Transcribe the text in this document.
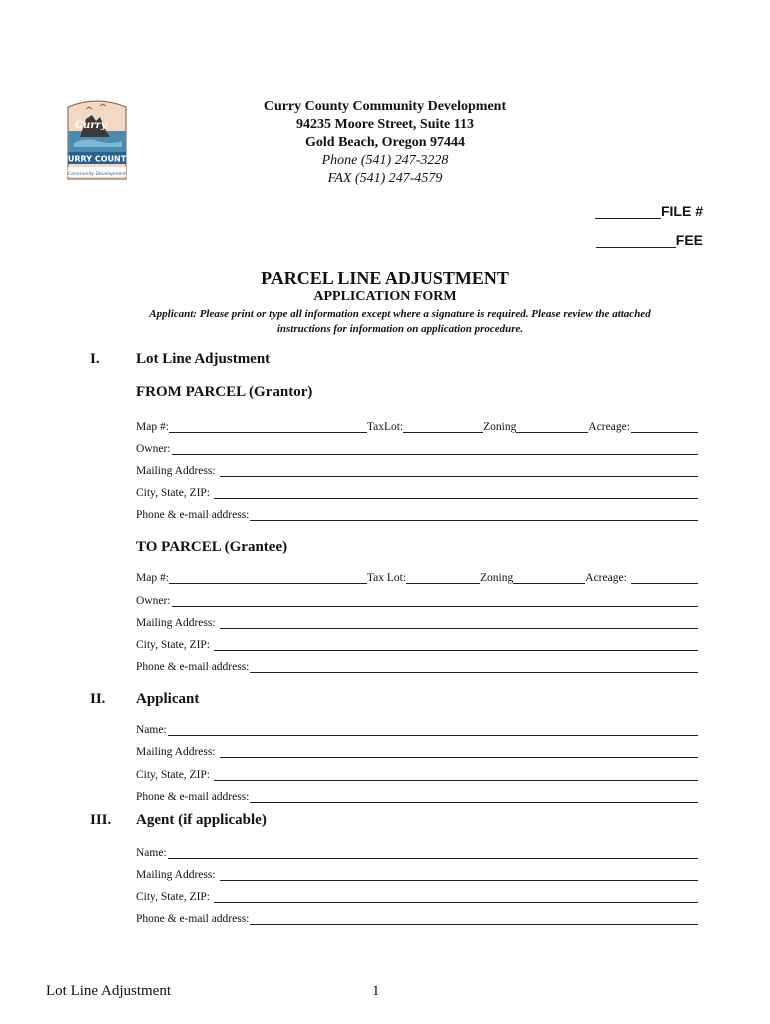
Curry
CURRY COUNTY
Community Development
Curry County Community Development
94235 Moore Street, Suite 113
Gold Beach, Oregon 97444
Phone (541) 247-3228
FAX (541) 247-4579
FILE #
FEE
PARCEL LINE ADJUSTMENT
APPLICATION FORM
Applicant: Please print or type all information except where a signature is required. Please review the attached
instructions for information on application procedure.
I. Lot Line Adjustment
FROM PARCEL (Grantor)
Map #:	TaxLot:	Zoning	Acreage:
Owner:
Mailing Address:
City, State, ZIP:
Phone & e-mail address:
TO PARCEL (Grantee)
Map #:	Tax Lot:	Zoning	Acreage:
Owner:
Mailing Address:
City, State, ZIP:
Phone & e-mail address:
II. Applicant
Name:
Mailing Address:
City, State, ZIP:
Phone & e-mail address:
III. Agent (if applicable)
Name:
Mailing Address:
City, State, ZIP:
Phone & e-mail address:
Lot Line Adjustment	1
